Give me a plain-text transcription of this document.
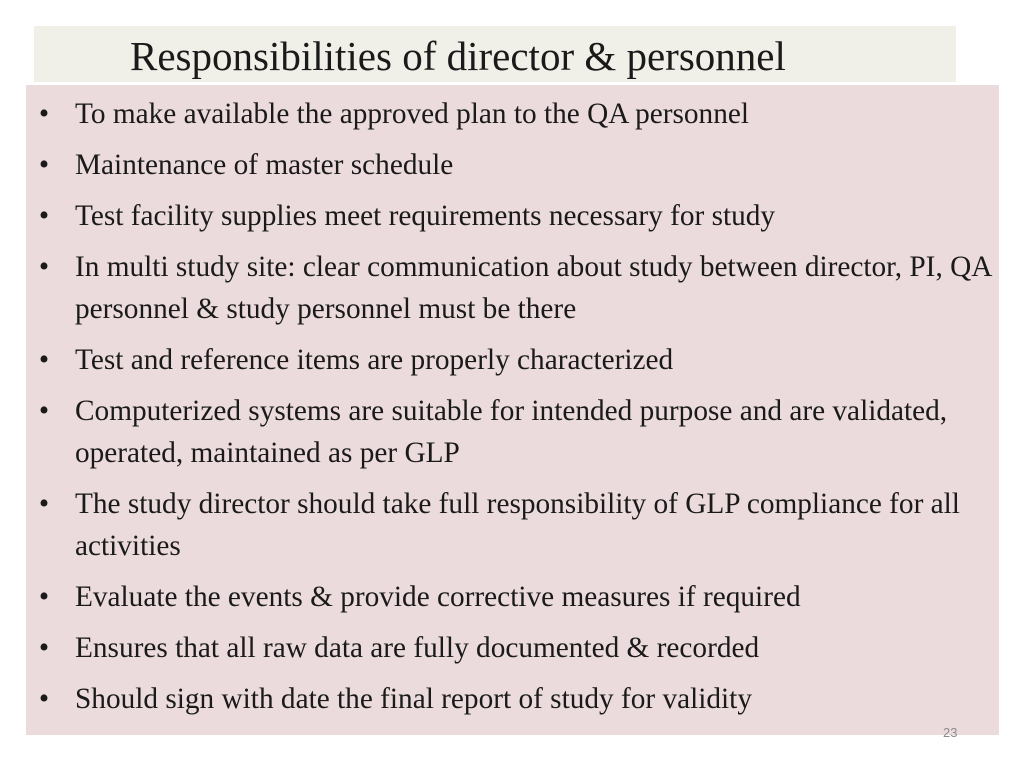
Responsibilities of director & personnel
• To make available the approved plan to the QA personnel
• Maintenance of master schedule
• Test facility supplies meet requirements necessary for study
• In multi study site: clear communication about study between director, PI, QA personnel & study personnel must be there
• Test and reference items are properly characterized
• Computerized systems are suitable for intended purpose and are validated, operated, maintained as per GLP
• The study director should take full responsibility of GLP compliance for all activities
• Evaluate the events & provide corrective measures if required
• Ensures that all raw data are fully documented & recorded
• Should sign with date the final report of study for validity
23
